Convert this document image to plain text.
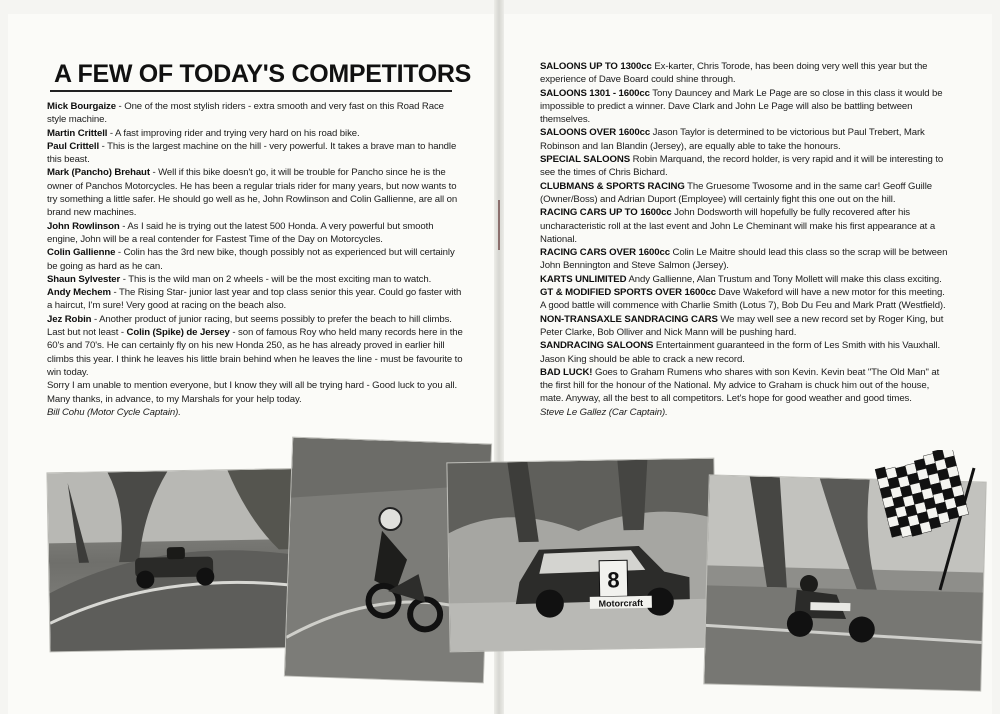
A FEW OF TODAY'S COMPETITORS

Mick Bourgaize - One of the most stylish riders - extra smooth and very fast on this Road Race style machine.

Martin Crittell - A fast improving rider and trying very hard on his road bike.

Paul Crittell - This is the largest machine on the hill - very powerful. It takes a brave man to handle this beast.

Mark (Pancho) Brehaut - Well if this bike doesn't go, it will be trouble for Pancho since he is the owner of Panchos Motorcycles. He has been a regular trials rider for many years, but now wants to try something a little safer. He should go well as he, John Rowlinson and Colin Gallienne, are all on brand new machines.

John Rowlinson - As I said he is trying out the latest 500 Honda. A very powerful but smooth engine, John will be a real contender for Fastest Time of the Day on Motorcycles.

Colin Gallienne - Colin has the 3rd new bike, though possibly not as experienced but will certainly be going as hard as he can.

Shaun Sylvester - This is the wild man on 2 wheels - will be the most exciting man to watch.

Andy Mechem - The Rising Star- junior last year and top class senior this year. Could go faster with a haircut, I'm sure! Very good at racing on the beach also.

Jez Robin - Another product of junior racing, but seems possibly to prefer the beach to hill climbs.

Last but not least - Colin (Spike) de Jersey - son of famous Roy who held many records here in the 60's and 70's. He can certainly fly on his new Honda 250, as he has already proved in earlier hill climbs this year. I think he leaves his little brain behind when he leaves the line - must be favourite to win today.

Sorry I am unable to mention everyone, but I know they will all be trying hard - Good luck to you all. Many thanks, in advance, to my Marshals for your help today.

Bill Cohu (Motor Cycle Captain).

SALOONS UP TO 1300cc Ex-karter, Chris Torode, has been doing very well this year but the experience of Dave Board could shine through.

SALOONS 1301 - 1600cc Tony Dauncey and Mark Le Page are so close in this class it would be impossible to predict a winner. Dave Clark and John Le Page will also be battling between themselves.

SALOONS OVER 1600cc Jason Taylor is determined to be victorious but Paul Trebert, Mark Robinson and Ian Blandin (Jersey), are equally able to take the honours.

SPECIAL SALOONS Robin Marquand, the record holder, is very rapid and it will be interesting to see the times of Chris Bichard.

CLUBMANS & SPORTS RACING The Gruesome Twosome and in the same car! Geoff Guille (Owner/Boss) and Adrian Duport (Employee) will certainly fight this one out on the hill.

RACING CARS UP TO 1600cc John Dodsworth will hopefully be fully recovered after his uncharacteristic roll at the last event and John Le Cheminant will make his first appearance at a National.

RACING CARS OVER 1600cc Colin Le Maitre should lead this class so the scrap will be between John Bennington and Steve Salmon (Jersey).

KARTS UNLIMITED Andy Gallienne, Alan Trustum and Tony Mollett will make this class exciting.

GT & MODIFIED SPORTS OVER 1600cc Dave Wakeford will have a new motor for this meeting. A good battle will commence with Charlie Smith (Lotus 7), Bob Du Feu and Mark Pratt (Westfield).

NON-TRANSAXLE SANDRACING CARS We may well see a new record set by Roger King, but Peter Clarke, Bob Olliver and Nick Mann will be pushing hard.

SANDRACING SALOONS Entertainment guaranteed in the form of Les Smith with his Vauxhall. Jason King should be able to crack a new record.

BAD LUCK! Goes to Graham Rumens who shares with son Kevin. Kevin beat "The Old Man" at the first hill for the honour of the National. My advice to Graham is chuck him out of the house, mate. Anyway, all the best to all competitors. Let's hope for good weather and good times.

Steve Le Gallez (Car Captain).

8
Motorcraft
